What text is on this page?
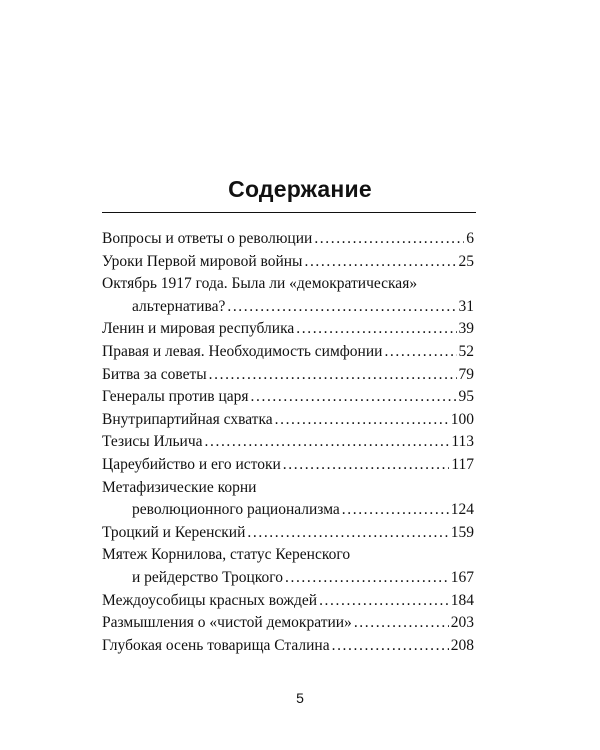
Содержание
Вопросы и ответы о революции .....	6
Уроки Первой мировой войны .....	25
Октябрь 1917 года. Была ли «демократическая»
альтернатива? .....	31
Ленин и мировая республика .....	39
Правая и левая. Необходимость симфонии .....	52
Битва за советы .....	79
Генералы против царя .....	95
Внутрипартийная схватка .....	100
Тезисы Ильича .....	113
Цареубийство и его истоки .....	117
Метафизические корни
революционного рационализма .....	124
Троцкий и Керенский .....	159
Мятеж Корнилова, статус Керенского
и рейдерство Троцкого .....	167
Междоусобицы красных вождей .....	184
Размышления о «чистой демократии» .....	203
Глубокая осень товарища Сталина .....	208
5
